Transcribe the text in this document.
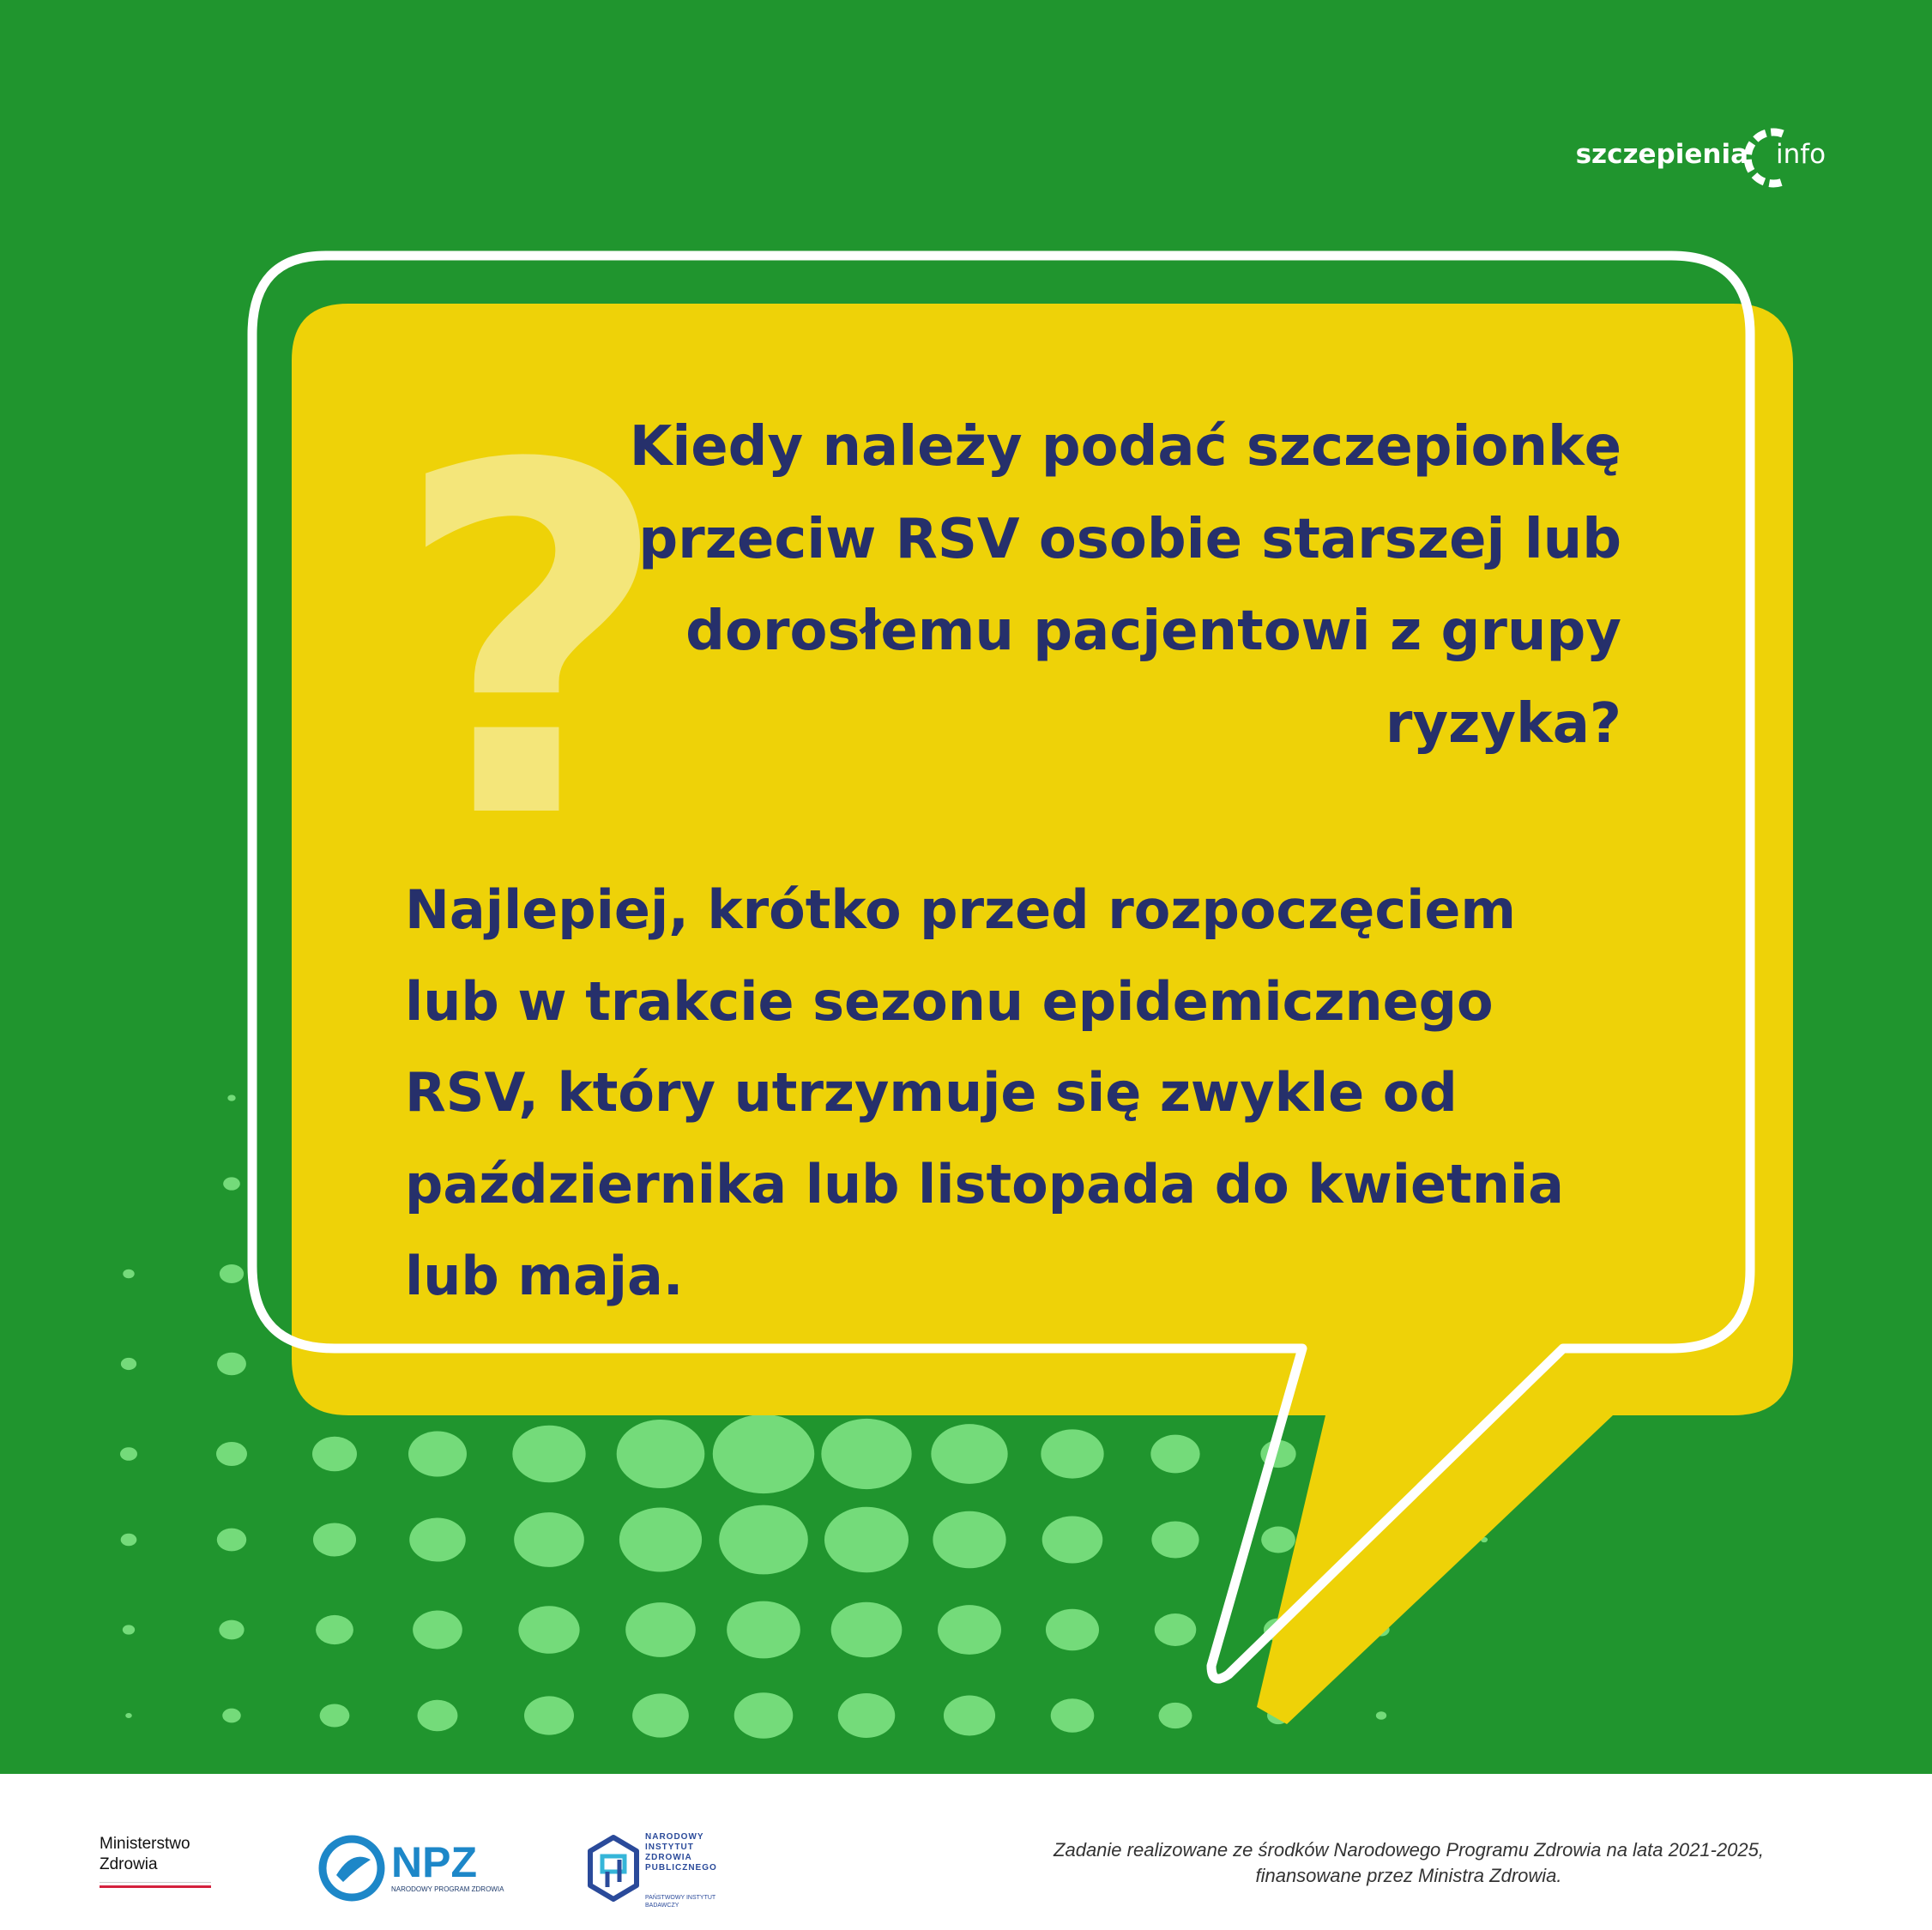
?
szczepienia info

Kiedy należy podać szczepionkę
przeciw RSV osobie starszej lub
dorosłemu pacjentowi z grupy
ryzyka?

Najlepiej, krótko przed rozpoczęciem
lub w trakcie sezonu epidemicznego
RSV, który utrzymuje się zwykle od
października lub listopada do kwietnia
lub maja.

Ministerstwo
Zdrowia	NPZ
NARODOWY PROGRAM ZDROWIA
NARODOWY
INSTYTUT
ZDROWIA
PUBLICZNEGO
PAŃSTWOWY INSTYTUT
BADAWCZY
Zadanie realizowane ze środków Narodowego Programu Zdrowia na lata 2021-2025,
finansowane przez Ministra Zdrowia.
